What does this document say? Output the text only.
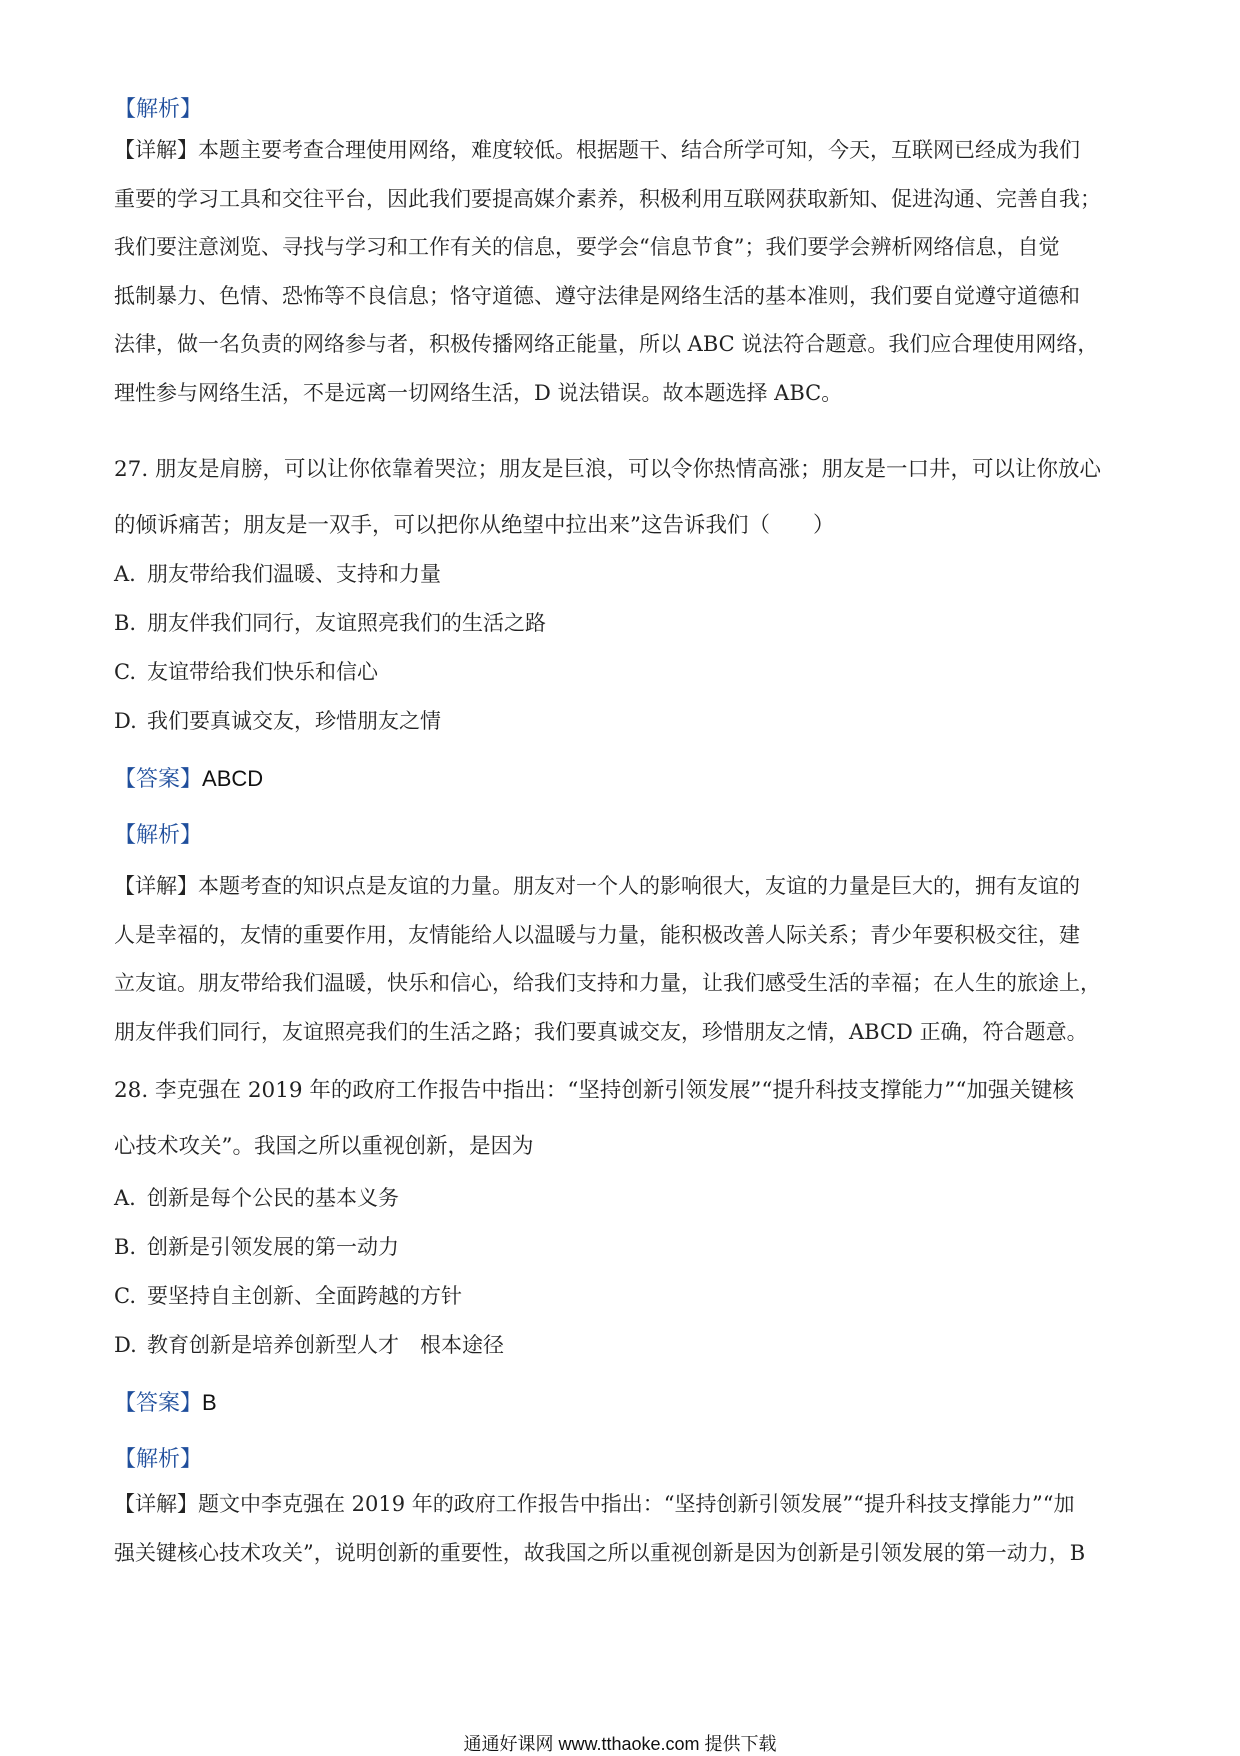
【解析】

【详解】本题主要考查合理使用网络，难度较低。根据题干、结合所学可知，今天，互联网已经成为我们

重要的学习工具和交往平台，因此我们要提高媒介素养，积极利用互联网获取新知、促进沟通、完善自我；

我们要注意浏览、寻找与学习和工作有关的信息，要学会“信息节食”；我们要学会辨析网络信息，自觉

抵制暴力、色情、恐怖等不良信息；恪守道德、遵守法律是网络生活的基本准则，我们要自觉遵守道德和

法律，做一名负责的网络参与者，积极传播网络正能量，所以 ABC 说法符合题意。我们应合理使用网络，

理性参与网络生活，不是远离一切网络生活，D 说法错误。故本题选择 ABC。

27. 朋友是肩膀，可以让你依靠着哭泣；朋友是巨浪，可以令你热情高涨；朋友是一口井，可以让你放心

的倾诉痛苦；朋友是一双手，可以把你从绝望中拉出来”这告诉我们（　　）

A. 朋友带给我们温暖、支持和力量

B. 朋友伴我们同行，友谊照亮我们的生活之路

C. 友谊带给我们快乐和信心

D. 我们要真诚交友，珍惜朋友之情

【答案】ABCD
【解析】

【详解】本题考查的知识点是友谊的力量。朋友对一个人的影响很大，友谊的力量是巨大的，拥有友谊的

人是幸福的，友情的重要作用，友情能给人以温暖与力量，能积极改善人际关系；青少年要积极交往，建

立友谊。朋友带给我们温暖，快乐和信心，给我们支持和力量，让我们感受生活的幸福；在人生的旅途上，

朋友伴我们同行，友谊照亮我们的生活之路；我们要真诚交友，珍惜朋友之情，ABCD 正确，符合题意。

28. 李克强在 2019 年的政府工作报告中指出：“坚持创新引领发展”“提升科技支撑能力”“加强关键核

心技术攻关”。我国之所以重视创新，是因为

A. 创新是每个公民的基本义务

B. 创新是引领发展的第一动力

C. 要坚持自主创新、全面跨越的方针

D. 教育创新是培养创新型人才　根本途径

【答案】B
【解析】

【详解】题文中李克强在 2019 年的政府工作报告中指出：“坚持创新引领发展”“提升科技支撑能力”“加

强关键核心技术攻关”，说明创新的重要性，故我国之所以重视创新是因为创新是引领发展的第一动力，B

通通好课网 www.tthaoke.com 提供下载
